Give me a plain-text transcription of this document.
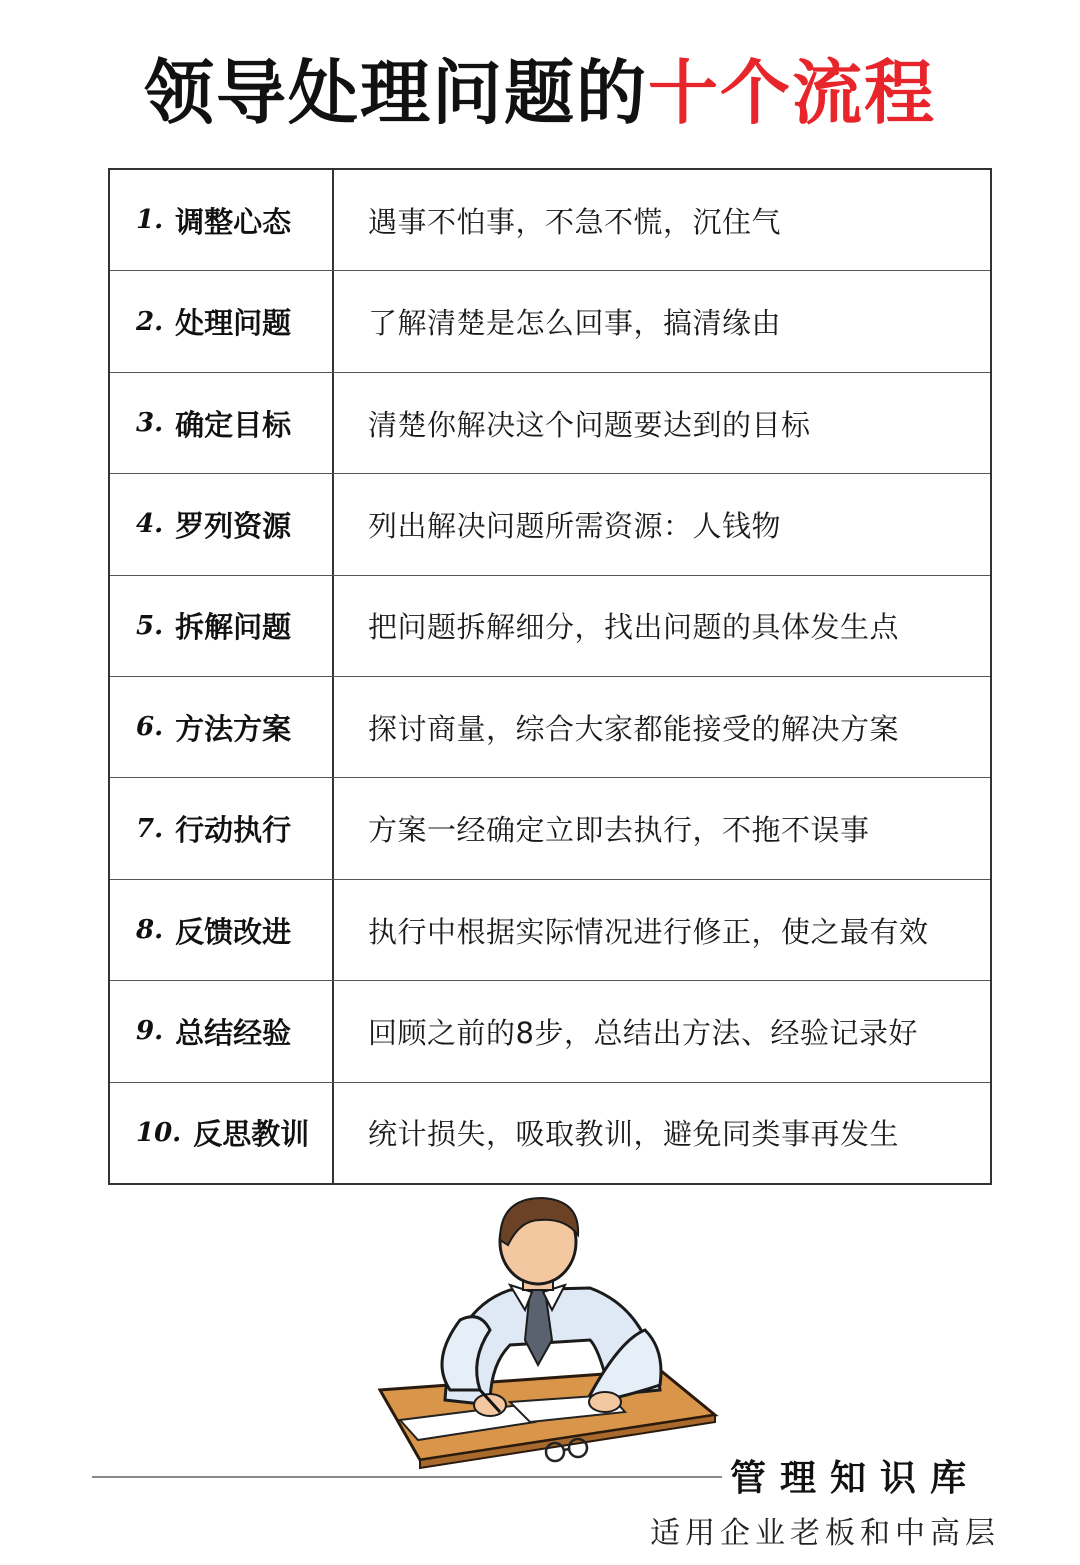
领导处理问题的十个流程
1. 调整心态	遇事不怕事，不急不慌，沉住气
2. 处理问题	了解清楚是怎么回事，搞清缘由
3. 确定目标	清楚你解决这个问题要达到的目标
4. 罗列资源	列出解决问题所需资源：人钱物
5. 拆解问题	把问题拆解细分，找出问题的具体发生点
6. 方法方案	探讨商量，综合大家都能接受的解决方案
7. 行动执行	方案一经确定立即去执行，不拖不误事
8. 反馈改进	执行中根据实际情况进行修正，使之最有效
9. 总结经验	回顾之前的8步，总结出方法、经验记录好
10. 反思教训	统计损失，吸取教训，避免同类事再发生
管理知识库
适用企业老板和中高层
